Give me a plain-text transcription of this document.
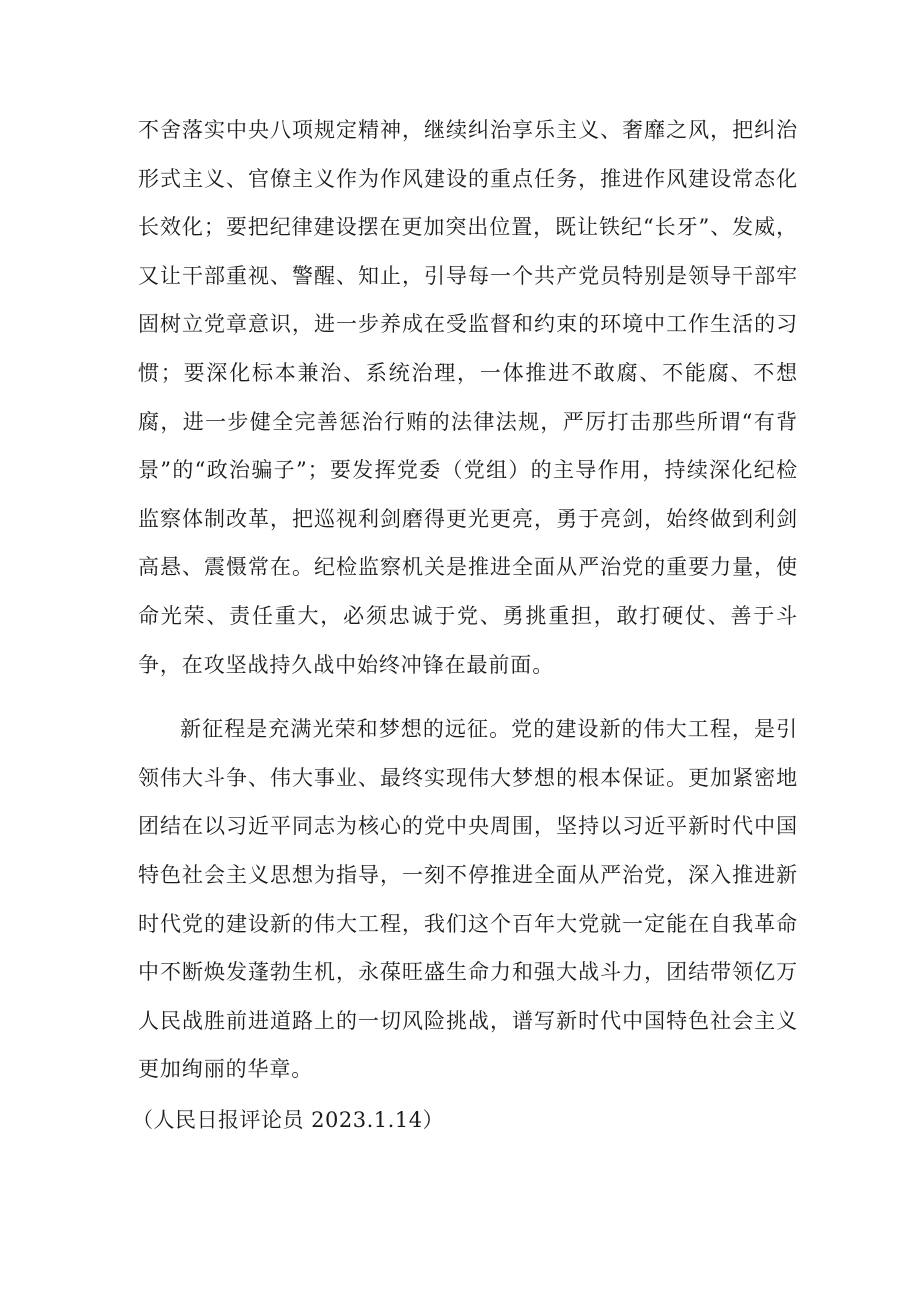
不舍落实中央八项规定精神，继续纠治享乐主义、奢靡之风，把纠治形式主义、官僚主义作为作风建设的重点任务，推进作风建设常态化长效化；要把纪律建设摆在更加突出位置，既让铁纪“长牙”、发威，又让干部重视、警醒、知止，引导每一个共产党员特别是领导干部牢固树立党章意识，进一步养成在受监督和约束的环境中工作生活的习惯；要深化标本兼治、系统治理，一体推进不敢腐、不能腐、不想腐，进一步健全完善惩治行贿的法律法规，严厉打击那些所谓“有背景”的“政治骗子”；要发挥党委（党组）的主导作用，持续深化纪检监察体制改革，把巡视利剑磨得更光更亮，勇于亮剑，始终做到利剑高悬、震慑常在。纪检监察机关是推进全面从严治党的重要力量，使命光荣、责任重大，必须忠诚于党、勇挑重担，敢打硬仗、善于斗争，在攻坚战持久战中始终冲锋在最前面。

新征程是充满光荣和梦想的远征。党的建设新的伟大工程，是引领伟大斗争、伟大事业、最终实现伟大梦想的根本保证。更加紧密地团结在以习近平同志为核心的党中央周围，坚持以习近平新时代中国特色社会主义思想为指导，一刻不停推进全面从严治党，深入推进新时代党的建设新的伟大工程，我们这个百年大党就一定能在自我革命中不断焕发蓬勃生机，永葆旺盛生命力和强大战斗力，团结带领亿万人民战胜前进道路上的一切风险挑战，谱写新时代中国特色社会主义更加绚丽的华章。

（人民日报评论员 2023.1.14）
